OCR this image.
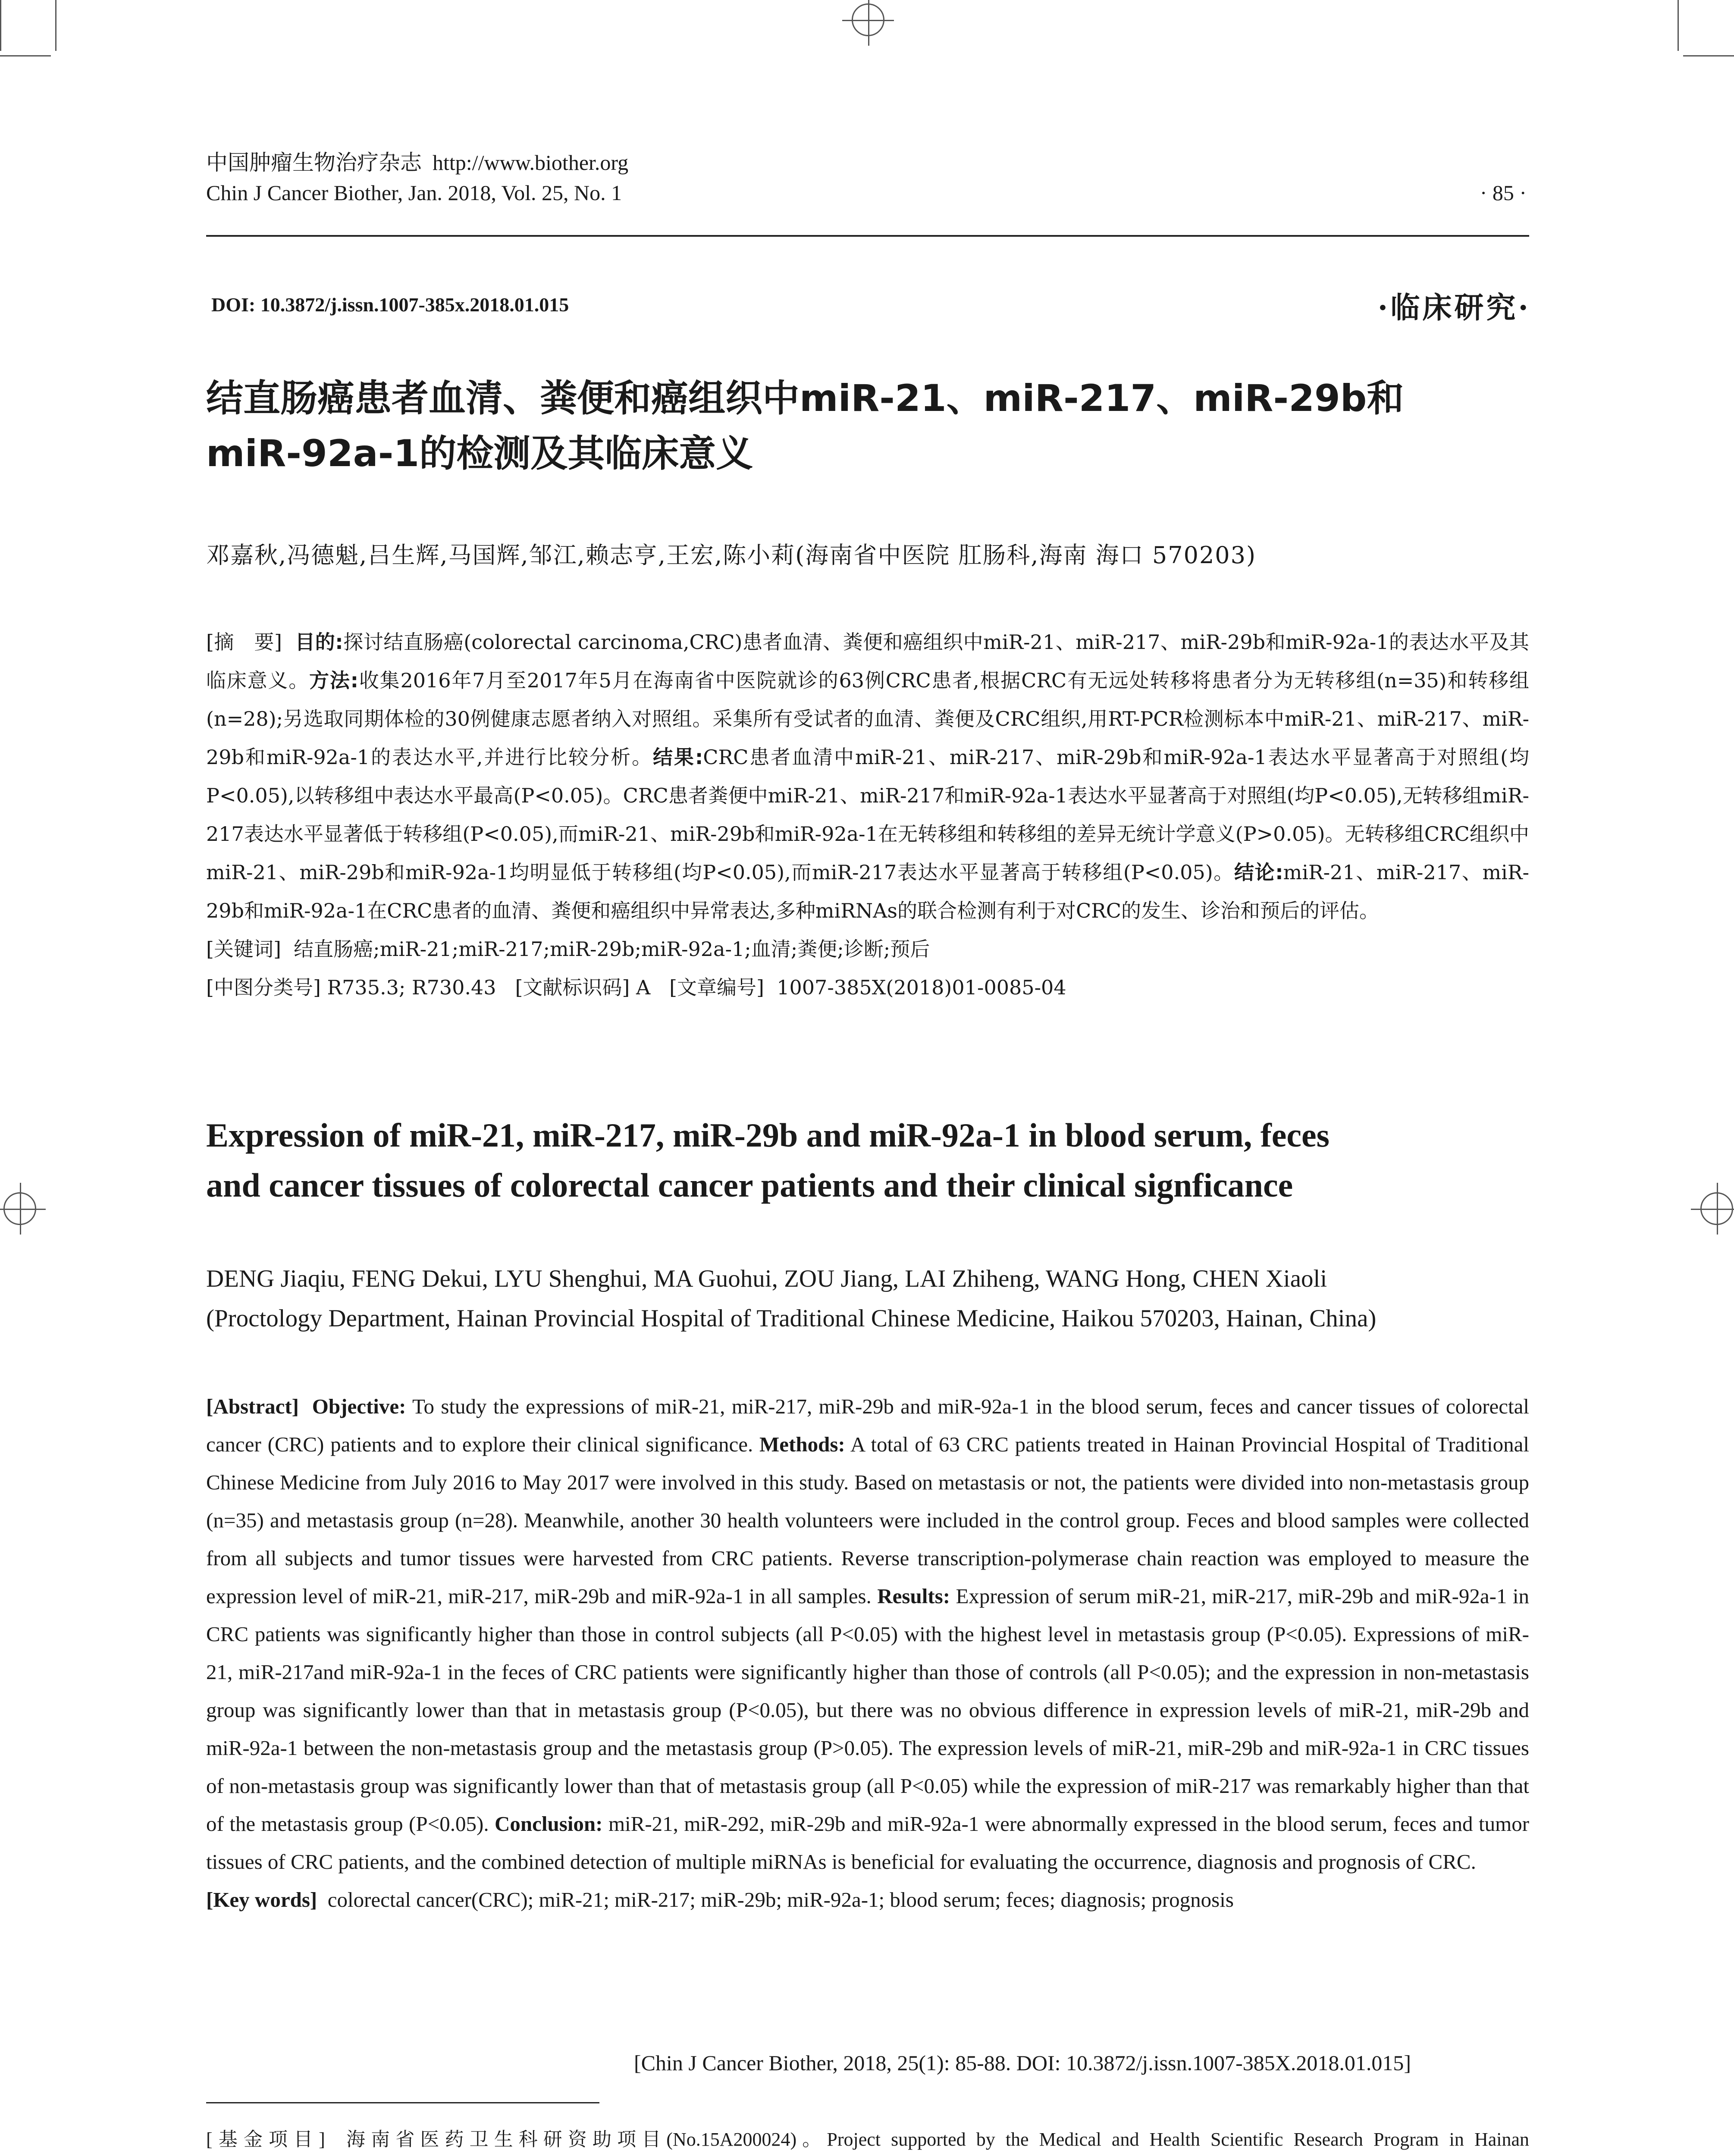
中国肿瘤生物治疗杂志 http://www.biother.org
Chin J Cancer Biother, Jan. 2018, Vol. 25, No. 1	· 85 ·
DOI: 10.3872/j.issn.1007-385x.2018.01.015	·临床研究·
结直肠癌患者血清、粪便和癌组织中miR-21、miR-217、miR-29b和
miR-92a-1的检测及其临床意义
邓嘉秋,冯德魁,吕生辉,马国辉,邹江,赖志亨,王宏,陈小莉(海南省中医院 肛肠科,海南 海口 570203)
[摘　要] 目的:探讨结直肠癌(colorectal carcinoma,CRC)患者血清、粪便和癌组织中miR-21、miR-217、miR-29b和miR-92a-1的表达水平及其临床意义。方法:收集2016年7月至2017年5月在海南省中医院就诊的63例CRC患者,根据CRC有无远处转移将患者分为无转移组(n=35)和转移组(n=28);另选取同期体检的30例健康志愿者纳入对照组。采集所有受试者的血清、粪便及CRC组织,用RT-PCR检测标本中miR-21、miR-217、miR-29b和miR-92a-1的表达水平,并进行比较分析。结果:CRC患者血清中miR-21、miR-217、miR-29b和miR-92a-1表达水平显著高于对照组(均P<0.05),以转移组中表达水平最高(P<0.05)。CRC患者粪便中miR-21、miR-217和miR-92a-1表达水平显著高于对照组(均P<0.05),无转移组miR-217表达水平显著低于转移组(P<0.05),而miR-21、miR-29b和miR-92a-1在无转移组和转移组的差异无统计学意义(P>0.05)。无转移组CRC组织中miR-21、miR-29b和miR-92a-1均明显低于转移组(均P<0.05),而miR-217表达水平显著高于转移组(P<0.05)。结论:miR-21、miR-217、miR-29b和miR-92a-1在CRC患者的血清、粪便和癌组织中异常表达,多种miRNAs的联合检测有利于对CRC的发生、诊治和预后的评估。
[关键词] 结直肠癌;miR-21;miR-217;miR-29b;miR-92a-1;血清;粪便;诊断;预后
[中图分类号] R735.3; R730.43 [文献标识码] A [文章编号] 1007-385X(2018)01-0085-04
Expression of miR-21, miR-217, miR-29b and miR-92a-1 in blood serum, feces
and cancer tissues of colorectal cancer patients and their clinical signficance
DENG Jiaqiu, FENG Dekui, LYU Shenghui, MA Guohui, ZOU Jiang, LAI Zhiheng, WANG Hong, CHEN Xiaoli
(Proctology Department, Hainan Provincial Hospital of Traditional Chinese Medicine, Haikou 570203, Hainan, China)
[Abstract] Objective: To study the expressions of miR-21, miR-217, miR-29b and miR-92a-1 in the blood serum, feces and cancer tissues of colorectal cancer (CRC) patients and to explore their clinical significance. Methods: A total of 63 CRC patients treated in Hainan Provincial Hospital of Traditional Chinese Medicine from July 2016 to May 2017 were involved in this study. Based on metastasis or not, the patients were divided into non-metastasis group (n=35) and metastasis group (n=28). Meanwhile, another 30 health volunteers were included in the control group. Feces and blood samples were collected from all subjects and tumor tissues were harvested from CRC patients. Reverse transcription-polymerase chain reaction was employed to measure the expression level of miR-21, miR-217, miR-29b and miR-92a-1 in all samples. Results: Expression of serum miR-21, miR-217, miR-29b and miR-92a-1 in CRC patients was significantly higher than those in control subjects (all P<0.05) with the highest level in metastasis group (P<0.05). Expressions of miR-21, miR-217and miR-92a-1 in the feces of CRC patients were significantly higher than those of controls (all P<0.05); and the expression in non-metastasis group was significantly lower than that in metastasis group (P<0.05), but there was no obvious difference in expression levels of miR-21, miR-29b and miR-92a-1 between the non-metastasis group and the metastasis group (P>0.05). The expression levels of miR-21, miR-29b and miR-92a-1 in CRC tissues of non-metastasis group was significantly lower than that of metastasis group (all P<0.05) while the expression of miR-217 was remarkably higher than that of the metastasis group (P<0.05). Conclusion: miR-21, miR-292, miR-29b and miR-92a-1 were abnormally expressed in the blood serum, feces and tumor tissues of CRC patients, and the combined detection of multiple miRNAs is beneficial for evaluating the occurrence, diagnosis and prognosis of CRC.
[Key words] colorectal cancer(CRC); miR-21; miR-217; miR-29b; miR-92a-1; blood serum; feces; diagnosis; prognosis
[Chin J Cancer Biother, 2018, 25(1): 85-88. DOI: 10.3872/j.issn.1007-385X.2018.01.015]
[基金项目] 海南省医药卫生科研资助项目(No.15A200024)。Project supported by the Medical and Health Scientific Research Program in Hainan
